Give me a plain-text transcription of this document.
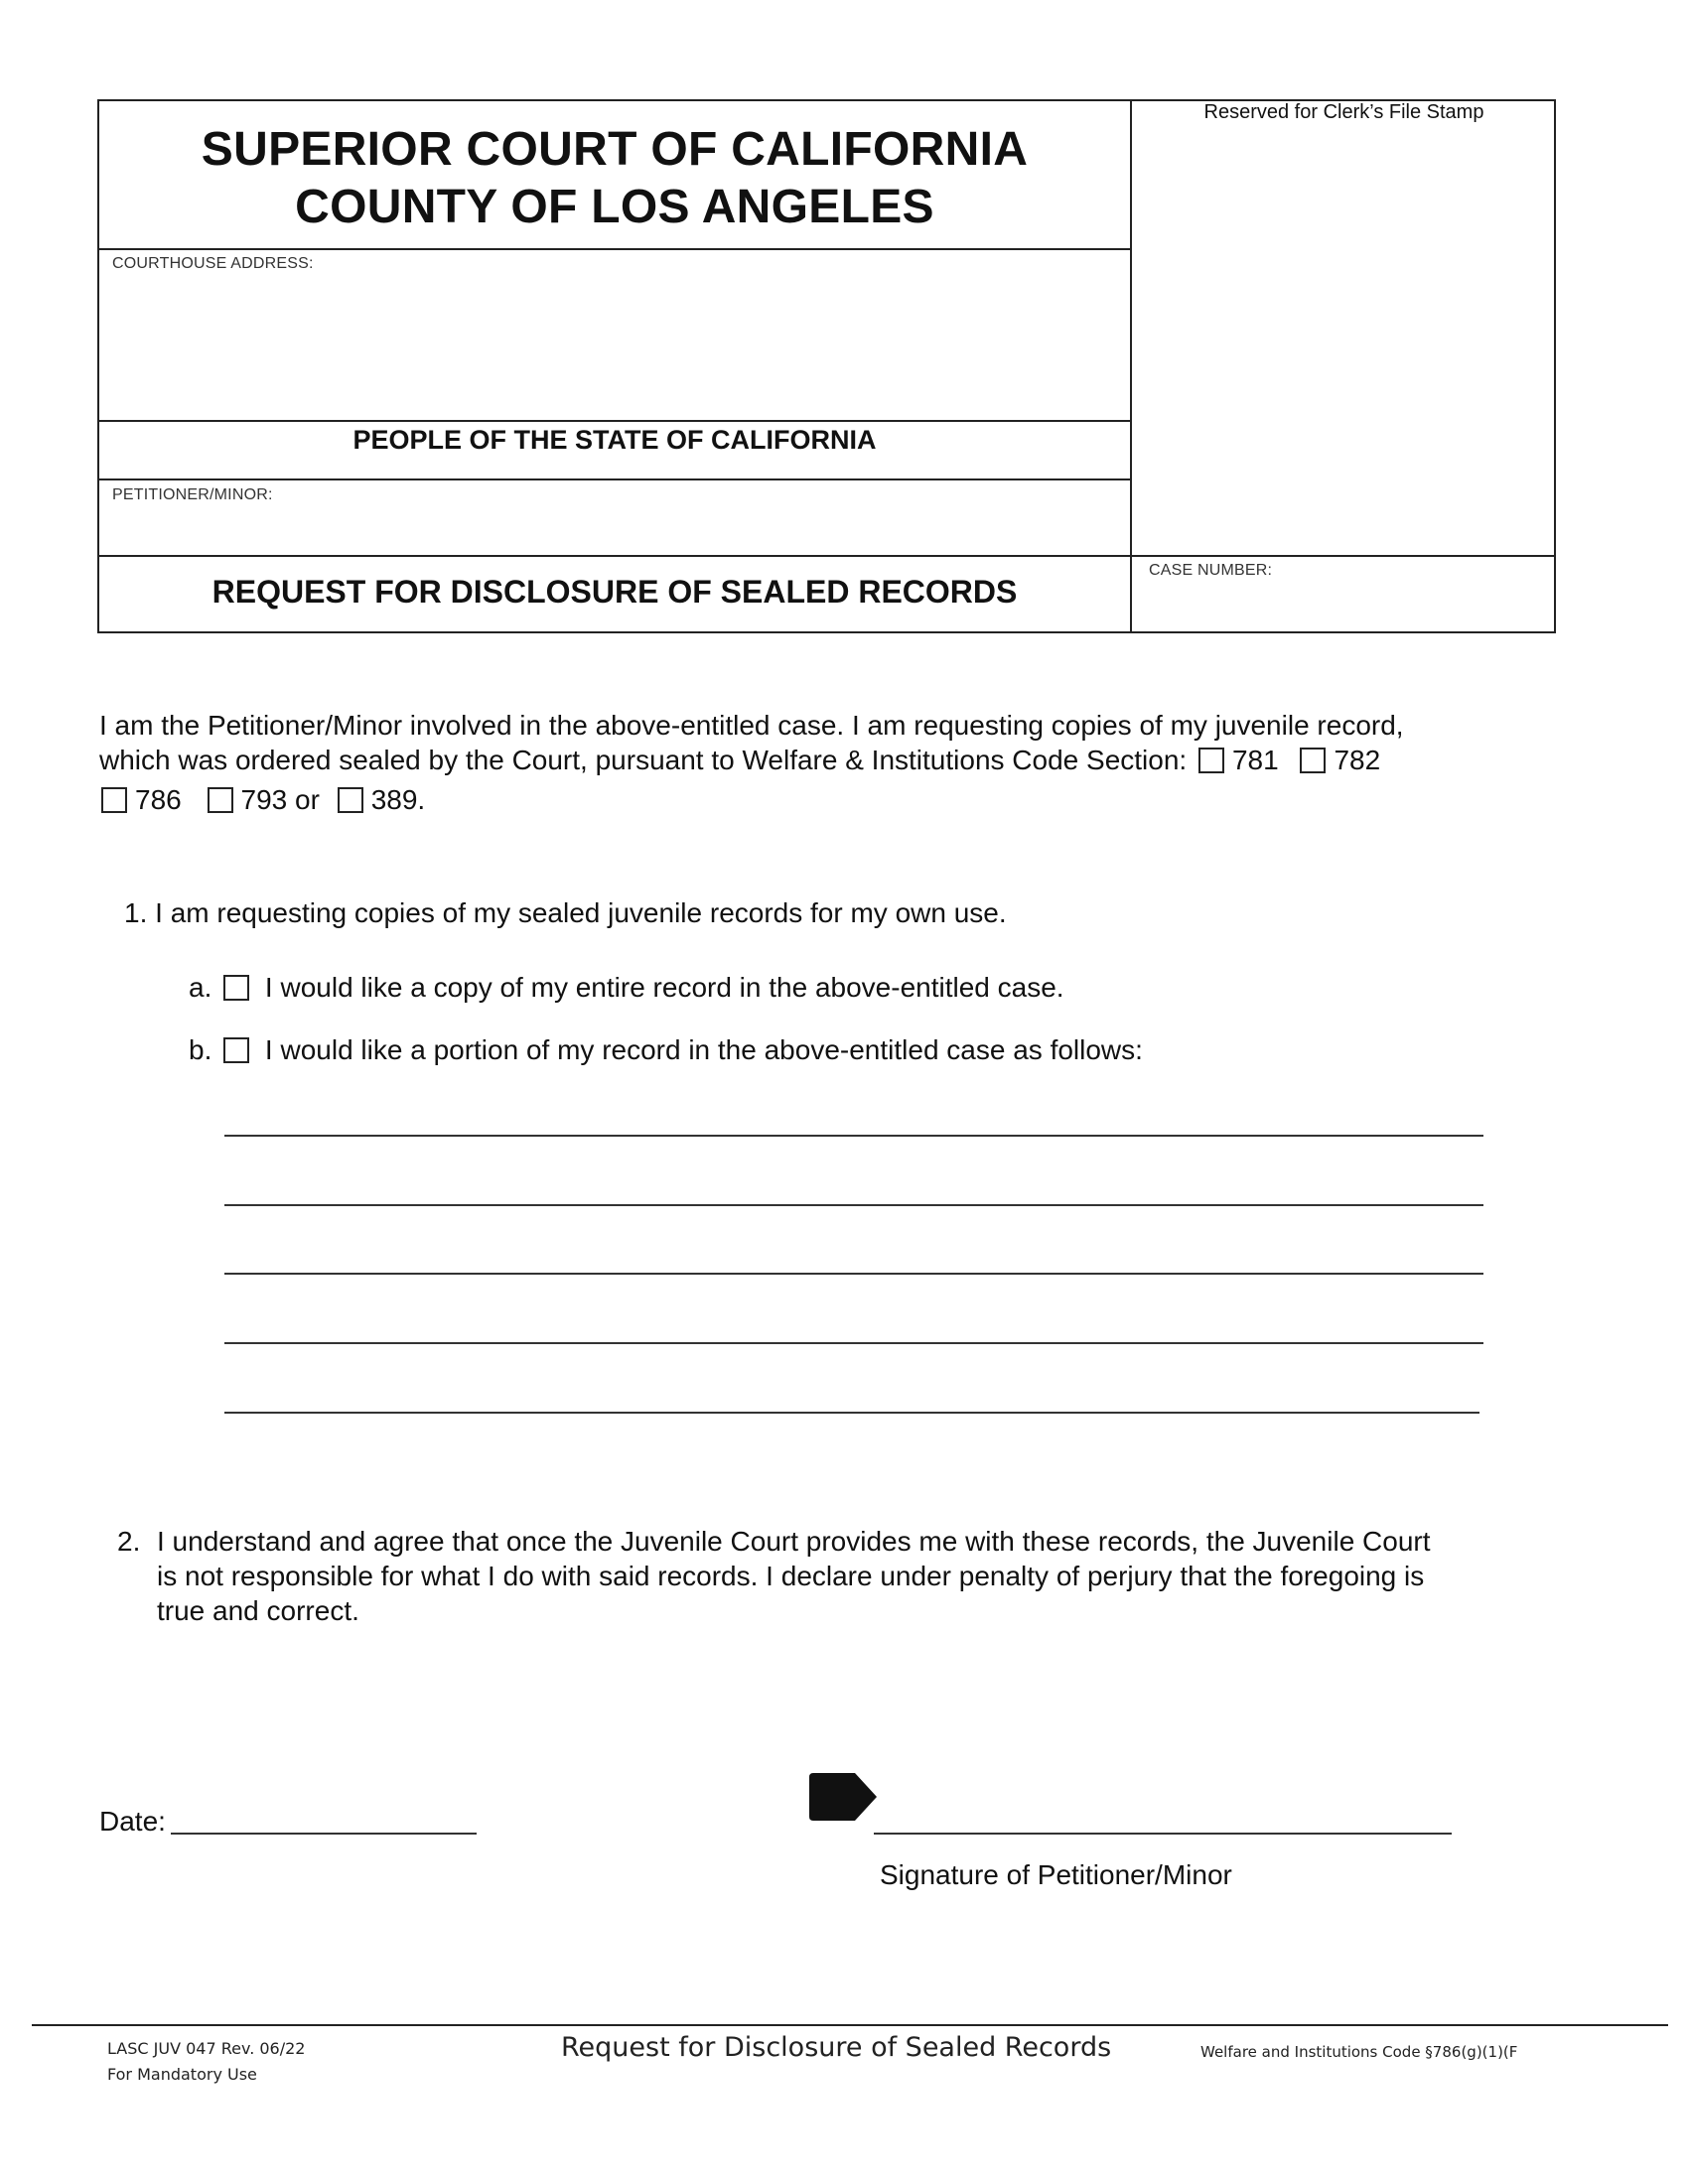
SUPERIOR COURT OF CALIFORNIA
COUNTY OF LOS ANGELES
COURTHOUSE ADDRESS:
PEOPLE OF THE STATE OF CALIFORNIA
PETITIONER/MINOR:
REQUEST FOR DISCLOSURE OF SEALED RECORDS
Reserved for Clerk’s File Stamp
CASE NUMBER:
I am the Petitioner/Minor involved in the above-entitled case. I am requesting copies of my juvenile record,
which was ordered sealed by the Court, pursuant to Welfare & Institutions Code Section: 781 782
786 793 or 389.
1. I am requesting copies of my sealed juvenile records for my own use.
a. I would like a copy of my entire record in the above-entitled case.
b. I would like a portion of my record in the above-entitled case as follows:
2. I understand and agree that once the Juvenile Court provides me with these records, the Juvenile Court
is not responsible for what I do with said records. I declare under penalty of perjury that the foregoing is
true and correct.
Date:
Signature of Petitioner/Minor
LASC JUV 047 Rev. 06/22
For Mandatory Use
Request for Disclosure of Sealed Records	Welfare and Institutions Code §786(g)(1)(F
